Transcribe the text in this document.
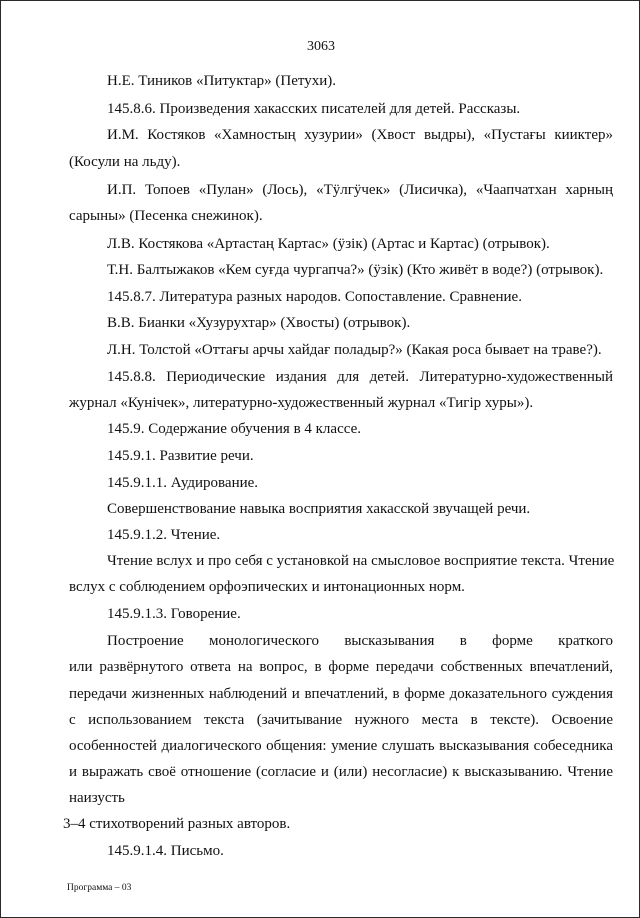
3063
Н.Е. Тиников «Питуктар» (Петухи).
145.8.6. Произведения хакасских писателей для детей. Рассказы.
И.М. Костяков «Хамностың хузурии» (Хвост выдры), «Пустағы кииктер»
(Косули на льду).
И.П. Топоев «Пулан» (Лось), «Тӱлгӱчек» (Лисичка), «Чаапчатхан харның
сарыны» (Песенка снежинок).
Л.В. Костякова «Артастаң Картас» (ӱзік) (Артас и Картас) (отрывок).
Т.Н. Балтыжаков «Кем суғда чургапча?» (ӱзік) (Кто живёт в воде?) (отрывок).
145.8.7. Литература разных народов. Сопоставление. Сравнение.
В.В. Бианки «Хузурухтар» (Хвосты) (отрывок).
Л.Н. Толстой «Оттағы арчы хайдағ поладыр?» (Какая роса бывает на траве?).
145.8.8. Периодические издания для детей. Литературно-художественный
журнал «Кунічек», литературно-художественный журнал «Тигір хуры»).
145.9. Содержание обучения в 4 классе.
145.9.1. Развитие речи.
145.9.1.1. Аудирование.
Совершенствование навыка восприятия хакасской звучащей речи.
145.9.1.2. Чтение.
Чтение вслух и про себя с установкой на смысловое восприятие текста. Чтение
вслух с соблюдением орфоэпических и интонационных норм.
145.9.1.3. Говорение.
Построение монологического высказывания в форме краткого
или развёрнутого ответа на вопрос, в форме передачи собственных впечатлений,
передачи жизненных наблюдений и впечатлений, в форме доказательного суждения
с использованием текста (зачитывание нужного места в тексте). Освоение
особенностей диалогического общения: умение слушать высказывания собеседника
и выражать своё отношение (согласие и (или) несогласие) к высказыванию. Чтение
наизусть
3–4 стихотворений разных авторов.
145.9.1.4. Письмо.
Программа – 03
